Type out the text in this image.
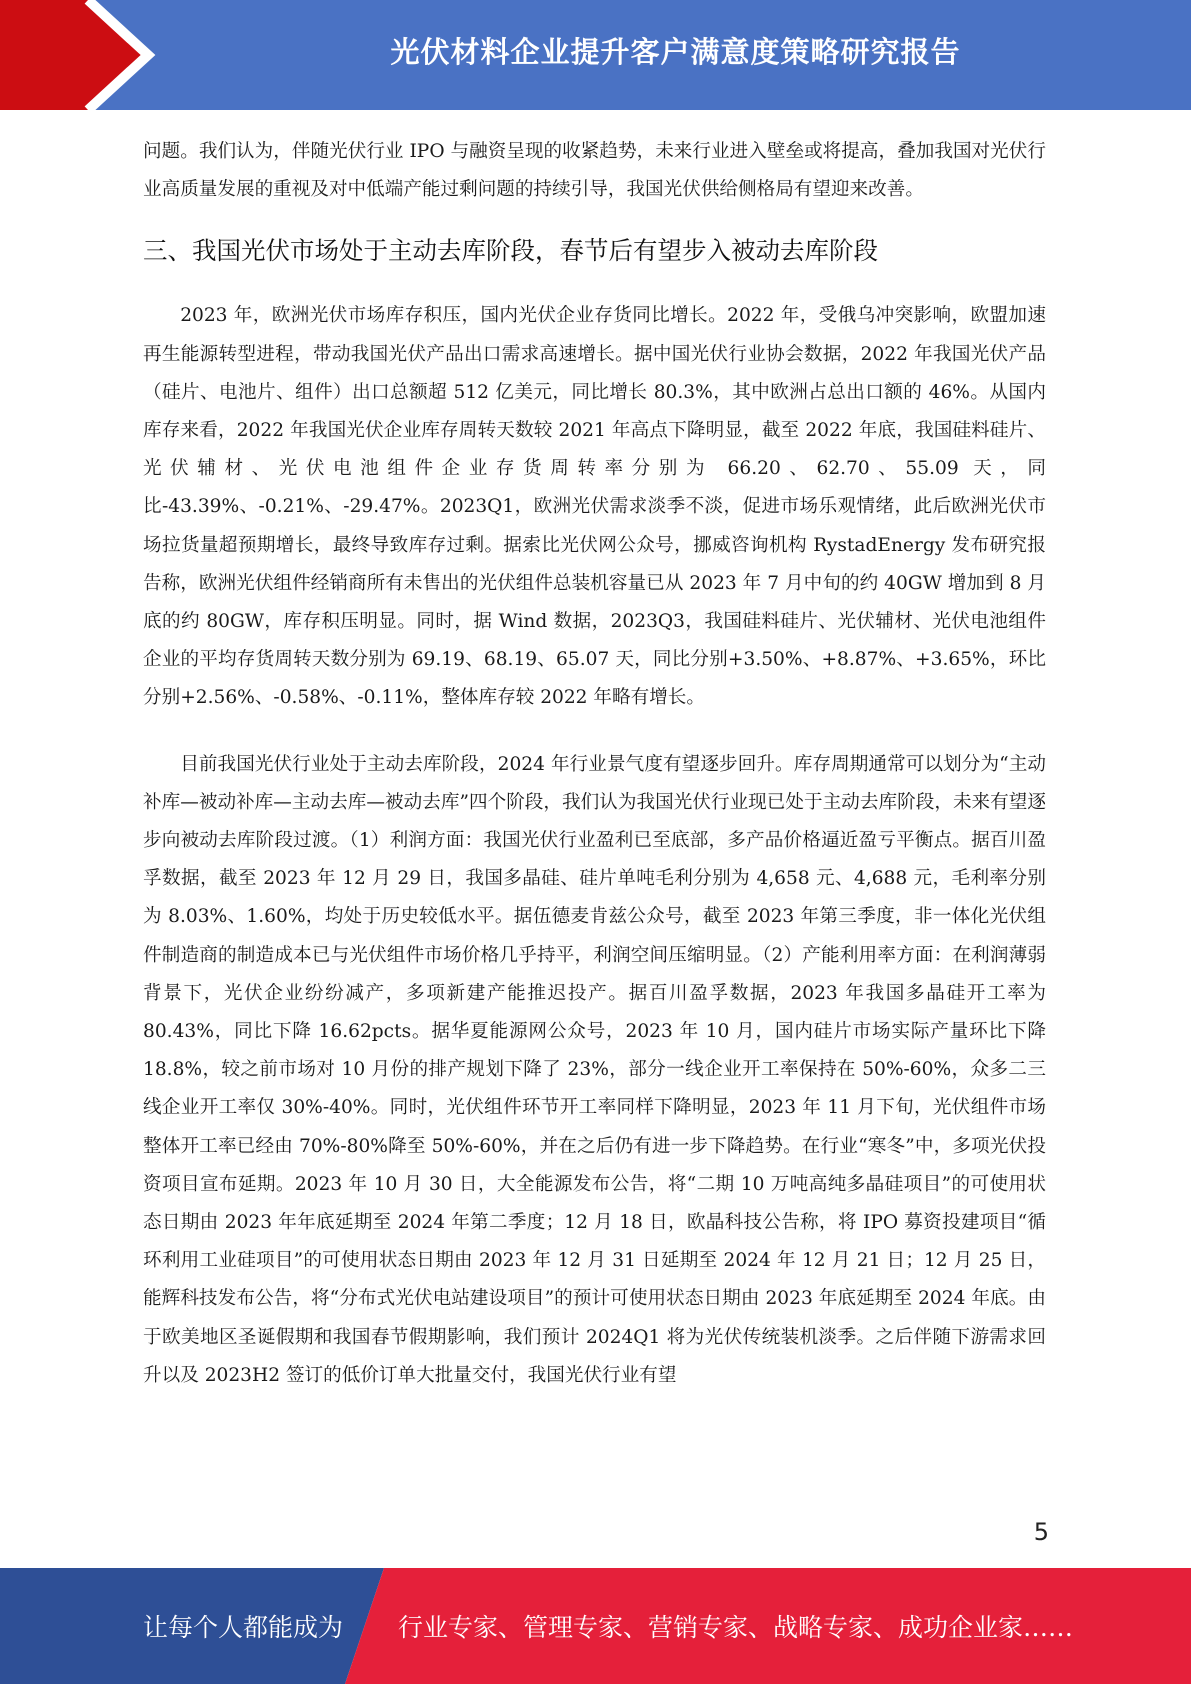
光伏材料企业提升客户满意度策略研究报告

问题。我们认为，伴随光伏行业 IPO 与融资呈现的收紧趋势，未来行业进入壁垒或将提高，叠加我国对光伏行业高质量发展的重视及对中低端产能过剩问题的持续引导，我国光伏供给侧格局有望迎来改善。

三、我国光伏市场处于主动去库阶段，春节后有望步入被动去库阶段

2023 年，欧洲光伏市场库存积压，国内光伏企业存货同比增长。2022 年，受俄乌冲突影响，欧盟加速再生能源转型进程，带动我国光伏产品出口需求高速增长。据中国光伏行业协会数据，2022 年我国光伏产品（硅片、电池片、组件）出口总额超 512 亿美元，同比增长 80.3%，其中欧洲占总出口额的 46%。从国内库存来看，2022 年我国光伏企业库存周转天数较 2021 年高点下降明显，截至 2022 年底，我国硅料硅片、光伏辅材、光伏电池组件企业存货周转率分别为 66.20、62.70、55.09 天，同比-43.39%、-0.21%、-29.47%。2023Q1，欧洲光伏需求淡季不淡，促进市场乐观情绪，此后欧洲光伏市场拉货量超预期增长，最终导致库存过剩。据索比光伏网公众号，挪威咨询机构 RystadEnergy 发布研究报告称，欧洲光伏组件经销商所有未售出的光伏组件总装机容量已从 2023 年 7 月中旬的约 40GW 增加到 8 月底的约 80GW，库存积压明显。同时，据 Wind 数据，2023Q3，我国硅料硅片、光伏辅材、光伏电池组件企业的平均存货周转天数分别为 69.19、68.19、65.07 天，同比分别+3.50%、+8.87%、+3.65%，环比分别+2.56%、-0.58%、-0.11%，整体库存较 2022 年略有增长。

目前我国光伏行业处于主动去库阶段，2024 年行业景气度有望逐步回升。库存周期通常可以划分为“主动补库—被动补库—主动去库—被动去库”四个阶段，我们认为我国光伏行业现已处于主动去库阶段，未来有望逐步向被动去库阶段过渡。（1）利润方面：我国光伏行业盈利已至底部，多产品价格逼近盈亏平衡点。据百川盈孚数据，截至 2023 年 12 月 29 日，我国多晶硅、硅片单吨毛利分别为 4,658 元、4,688 元，毛利率分别为 8.03%、1.60%，均处于历史较低水平。据伍德麦肯兹公众号，截至 2023 年第三季度，非一体化光伏组件制造商的制造成本已与光伏组件市场价格几乎持平，利润空间压缩明显。（2）产能利用率方面：在利润薄弱背景下，光伏企业纷纷减产，多项新建产能推迟投产。据百川盈孚数据，2023 年我国多晶硅开工率为 80.43%，同比下降 16.62pcts。据华夏能源网公众号，2023 年 10 月，国内硅片市场实际产量环比下降 18.8%，较之前市场对 10 月份的排产规划下降了 23%，部分一线企业开工率保持在 50%-60%，众多二三线企业开工率仅 30%-40%。同时，光伏组件环节开工率同样下降明显，2023 年 11 月下旬，光伏组件市场整体开工率已经由 70%-80%降至 50%-60%，并在之后仍有进一步下降趋势。在行业“寒冬”中，多项光伏投资项目宣布延期。2023 年 10 月 30 日，大全能源发布公告，将“二期 10 万吨高纯多晶硅项目”的可使用状态日期由 2023 年年底延期至 2024 年第二季度；12 月 18 日，欧晶科技公告称，将 IPO 募资投建项目“循环利用工业硅项目”的可使用状态日期由 2023 年 12 月 31 日延期至 2024 年 12 月 21 日；12 月 25 日，能辉科技发布公告，将“分布式光伏电站建设项目”的预计可使用状态日期由 2023 年底延期至 2024 年底。由于欧美地区圣诞假期和我国春节假期影响，我们预计 2024Q1 将为光伏传统装机淡季。之后伴随下游需求回升以及 2023H2 签订的低价订单大批量交付，我国光伏行业有望

5
让每个人都能成为 行业专家、管理专家、营销专家、战略专家、成功企业家……
